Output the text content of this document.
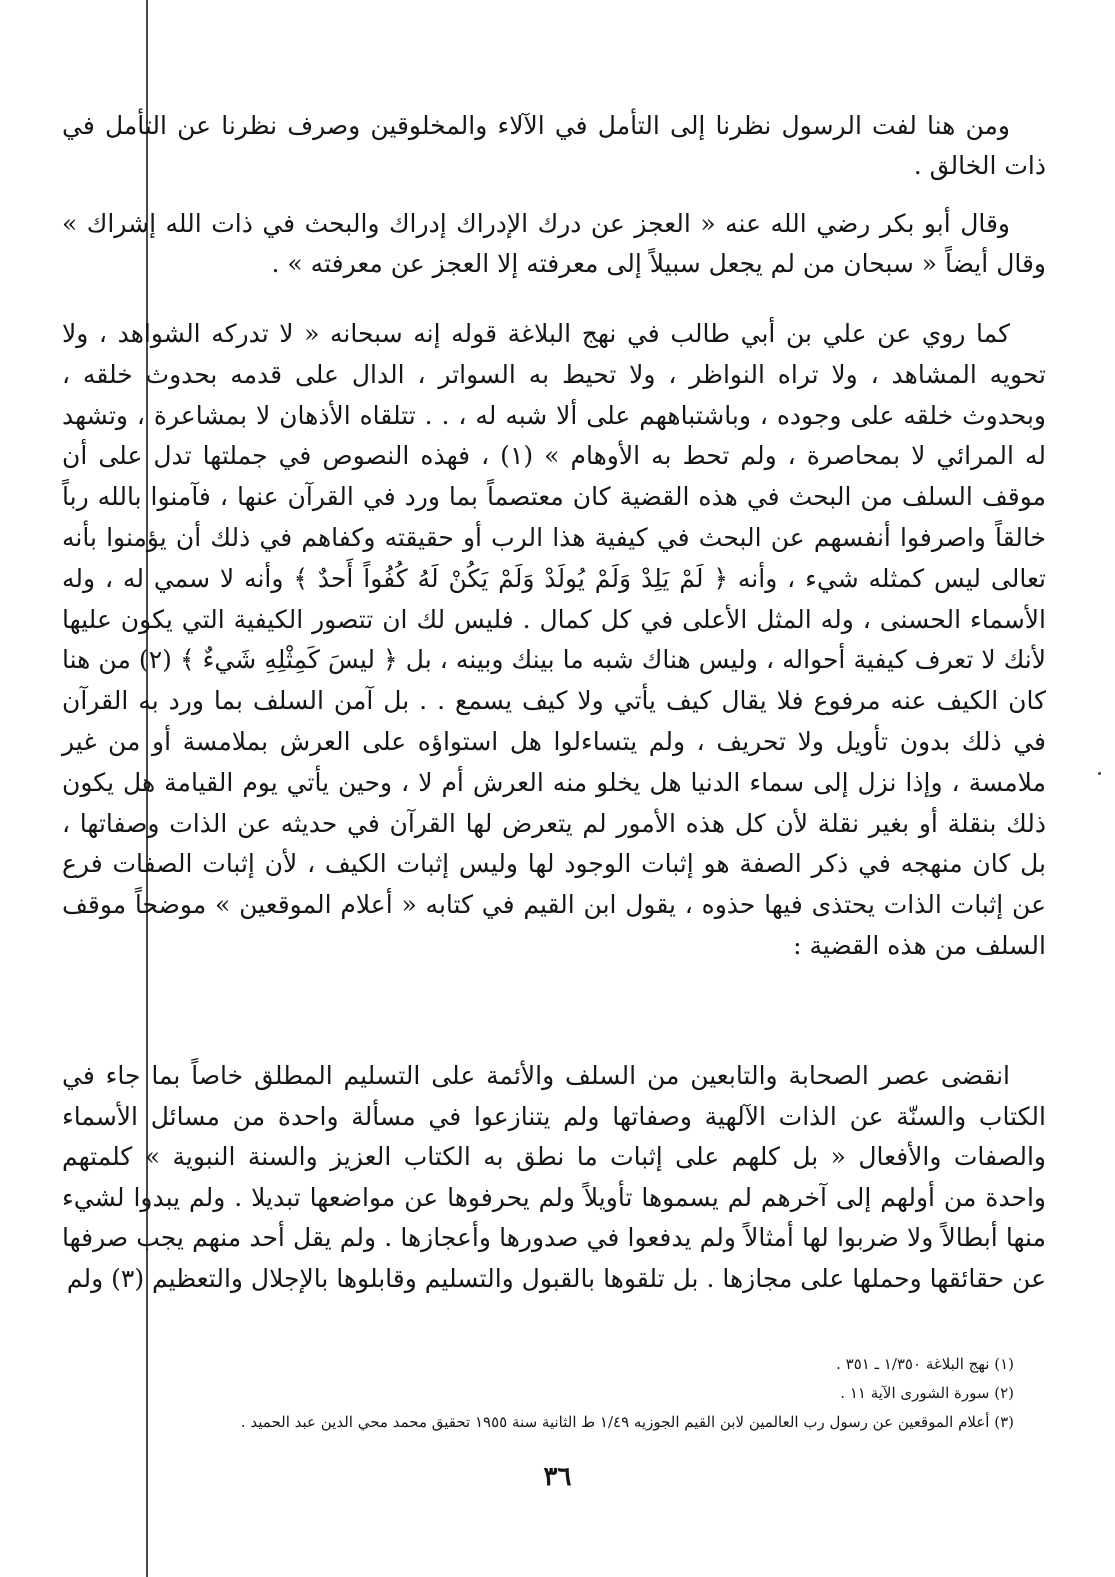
ومن هنا لفت الرسول نظرنا إلى التأمل في الآلاء والمخلوقين وصرف نظرنا عن التأمل في ذات الخالق .

وقال أبو بكر رضي الله عنه « العجز عن درك الإدراك إدراك والبحث في ذات الله إشراك » وقال أيضاً « سبحان من لم يجعل سبيلاً إلى معرفته إلا العجز عن معرفته » .

كما روي عن علي بن أبي طالب في نهج البلاغة قوله إنه سبحانه « لا تدركه الشواهد ، ولا تحويه المشاهد ، ولا تراه النواظر ، ولا تحيط به السواتر ، الدال على قدمه بحدوث خلقه ، وبحدوث خلقه على وجوده ، وباشتباههم على ألا شبه له ، . . تتلقاه الأذهان لا بمشاعرة ، وتشهد له المرائي لا بمحاصرة ، ولم تحط به الأوهام » (١) ، فهذه النصوص في جملتها تدل على أن موقف السلف من البحث في هذه القضية كان معتصماً بما ورد في القرآن عنها ، فآمنوا بالله رباً خالقاً واصرفوا أنفسهم عن البحث في كيفية هذا الرب أو حقيقته وكفاهم في ذلك أن يؤمنوا بأنه تعالى ليس كمثله شيء ، وأنه ﴿ لَمْ يَلِدْ وَلَمْ يُولَدْ وَلَمْ يَكُنْ لَهُ كُفُواً أَحدٌ ﴾ وأنه لا سمي له ، وله الأسماء الحسنى ، وله المثل الأعلى في كل كمال . فليس لك ان تتصور الكيفية التي يكون عليها لأنك لا تعرف كيفية أحواله ، وليس هناك شبه ما بينك وبينه ، بل ﴿ ليسَ كَمِثْلِهِ شَيءٌ ﴾ (٢) من هنا كان الكيف عنه مرفوع فلا يقال كيف يأتي ولا كيف يسمع . . بل آمن السلف بما ورد به القرآن في ذلك بدون تأويل ولا تحريف ، ولم يتساءلوا هل استواؤه على العرش بملامسة أو من غير ملامسة ، وإذا نزل إلى سماء الدنيا هل يخلو منه العرش أم لا ، وحين يأتي يوم القيامة هل يكون ذلك بنقلة أو بغير نقلة لأن كل هذه الأمور لم يتعرض لها القرآن في حديثه عن الذات وصفاتها ، بل كان منهجه في ذكر الصفة هو إثبات الوجود لها وليس إثبات الكيف ، لأن إثبات الصفات فرع عن إثبات الذات يحتذى فيها حذوه ، يقول ابن القيم في كتابه « أعلام الموقعين » موضحاً موقف السلف من هذه القضية :

انقضى عصر الصحابة والتابعين من السلف والأئمة على التسليم المطلق خاصاً بما جاء في الكتاب والسنّة عن الذات الآلهية وصفاتها ولم يتنازعوا في مسألة واحدة من مسائل الأسماء والصفات والأفعال « بل كلهم على إثبات ما نطق به الكتاب العزيز والسنة النبوية » كلمتهم واحدة من أولهم إلى آخرهم لم يسموها تأويلاً ولم يحرفوها عن مواضعها تبديلا . ولم يبدوا لشيء منها أبطالاً ولا ضربوا لها أمثالاً ولم يدفعوا في صدورها وأعجازها . ولم يقل أحد منهم يجب صرفها عن حقائقها وحملها على مجازها . بل تلقوها بالقبول والتسليم وقابلوها بالإجلال والتعظيم (٣) ولم

(١) نهج البلاغة ١/٣٥٠ ـ ٣٥١ .
(٢) سورة الشورى الآية ١١ .
(٣) أعلام الموقعين عن رسول رب العالمين لابن القيم الجوزيه ١/٤٩ ط الثانية سنة ١٩٥٥ تحقيق محمد محي الدين عبد الحميد .
٣٦
